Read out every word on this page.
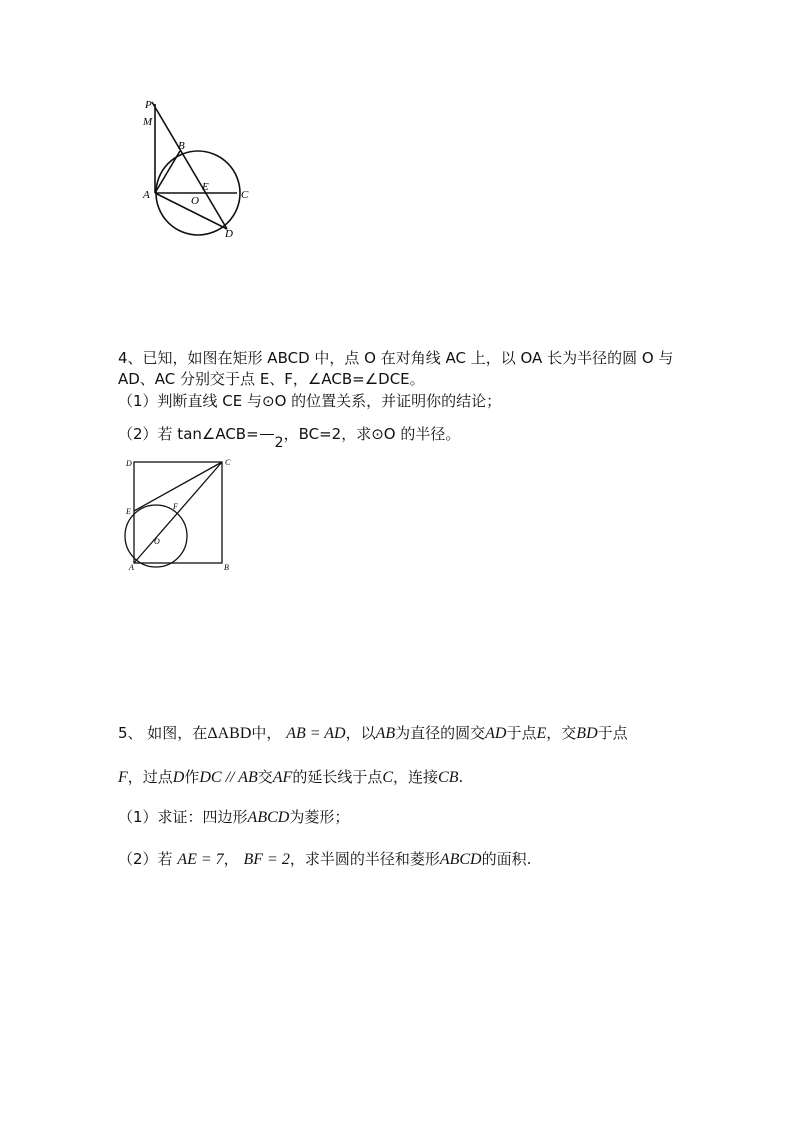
P
M
B
A
E
O	C
D
4、已知，如图在矩形 ABCD 中，点 O 在对角线 AC 上，以 OA 长为半径的圆 O 与
AD、AC 分别交于点 E、F，∠ACB=∠DCE。
（1）判断直线 CE 与⊙O 的位置关系，并证明你的结论；
（2）若 tan∠ACB= 2，BC=2，求⊙O 的半径。
D	C
E
F
O
A	B
5、 如图，在ΔABD中， AB = AD，以AB为直径的圆交AD于点E，交BD于点
F，过点D作DC // AB交AF的延长线于点C，连接CB.
（1）求证：四边形ABCD为菱形；
（2）若 AE = 7， BF = 2，求半圆的半径和菱形ABCD的面积.
